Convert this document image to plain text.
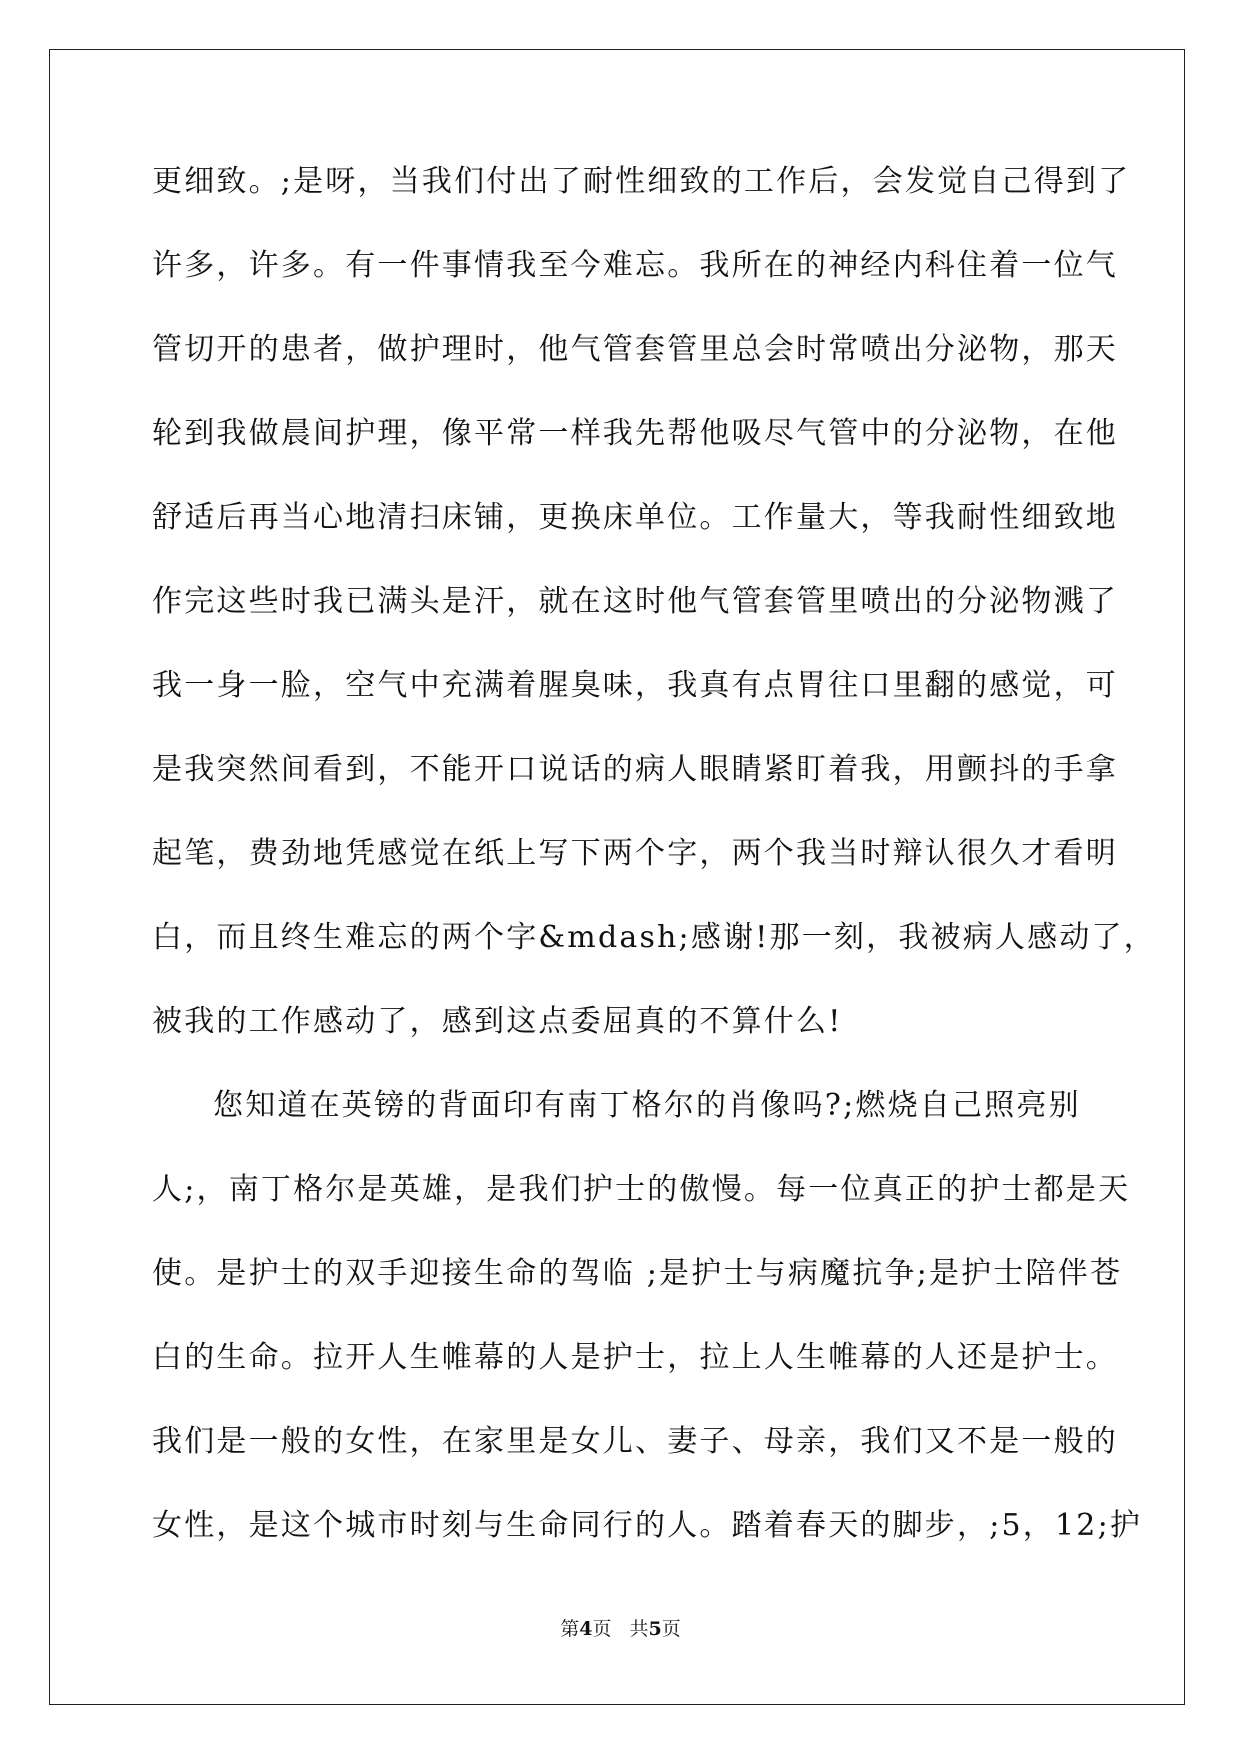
更细致。;是呀，当我们付出了耐性细致的工作后，会发觉自己得到了
许多，许多。有一件事情我至今难忘。我所在的神经内科住着一位气
管切开的患者，做护理时，他气管套管里总会时常喷出分泌物，那天
轮到我做晨间护理，像平常一样我先帮他吸尽气管中的分泌物，在他
舒适后再当心地清扫床铺，更换床单位。工作量大，等我耐性细致地
作完这些时我已满头是汗，就在这时他气管套管里喷出的分泌物溅了
我一身一脸，空气中充满着腥臭味，我真有点胃往口里翻的感觉，可
是我突然间看到，不能开口说话的病人眼睛紧盯着我，用颤抖的手拿
起笔，费劲地凭感觉在纸上写下两个字，两个我当时辩认很久才看明
白，而且终生难忘的两个字&mdash;感谢!那一刻，我被病人感动了，
被我的工作感动了，感到这点委屈真的不算什么!
您知道在英镑的背面印有南丁格尔的肖像吗?;燃烧自己照亮别
人;，南丁格尔是英雄，是我们护士的傲慢。每一位真正的护士都是天
使。是护士的双手迎接生命的驾临 ;是护士与病魔抗争;是护士陪伴苍
白的生命。拉开人生帷幕的人是护士，拉上人生帷幕的人还是护士。
我们是一般的女性，在家里是女儿、妻子、母亲，我们又不是一般的
女性，是这个城市时刻与生命同行的人。踏着春天的脚步，;5，12;护
第4页 共5页
